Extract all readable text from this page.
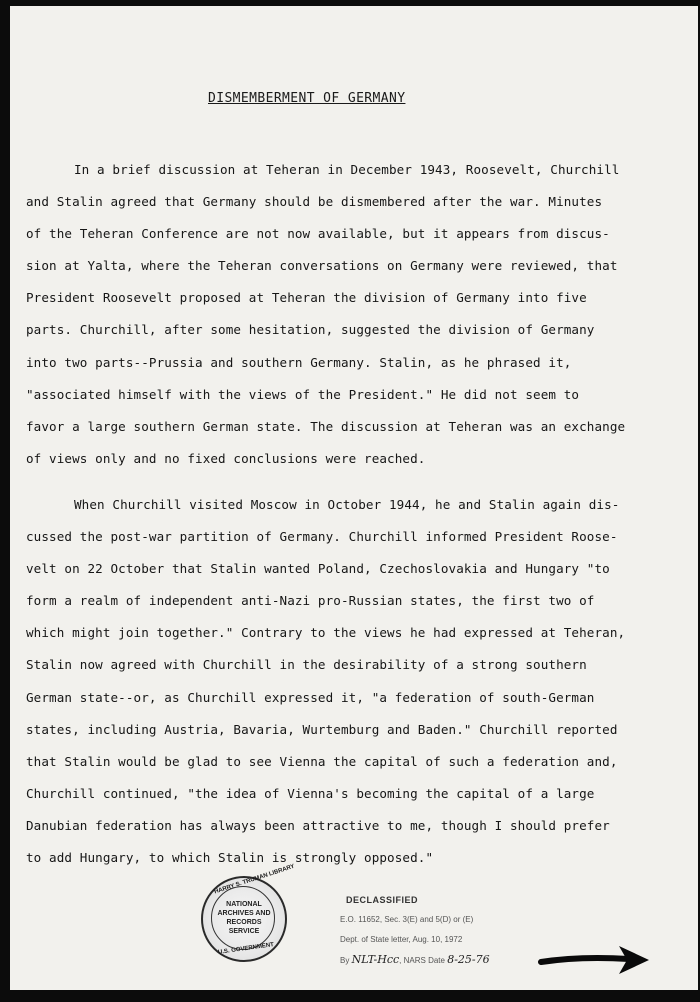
DISMEMBERMENT OF GERMANY
In a brief discussion at Teheran in December 1943, Roosevelt, Churchill
and Stalin agreed that Germany should be dismembered after the war. Minutes
of the Teheran Conference are not now available, but it appears from discus-
sion at Yalta, where the Teheran conversations on Germany were reviewed, that
President Roosevelt proposed at Teheran the division of Germany into five
parts. Churchill, after some hesitation, suggested the division of Germany
into two parts--Prussia and southern Germany. Stalin, as he phrased it,
"associated himself with the views of the President." He did not seem to
favor a large southern German state. The discussion at Teheran was an exchange
of views only and no fixed conclusions were reached.
When Churchill visited Moscow in October 1944, he and Stalin again dis-
cussed the post-war partition of Germany. Churchill informed President Roose-
velt on 22 October that Stalin wanted Poland, Czechoslovakia and Hungary "to
form a realm of independent anti-Nazi pro-Russian states, the first two of
which might join together." Contrary to the views he had expressed at Teheran,
Stalin now agreed with Churchill in the desirability of a strong southern
German state--or, as Churchill expressed it, "a federation of south-German
states, including Austria, Bavaria, Wurtemburg and Baden." Churchill reported
that Stalin would be glad to see Vienna the capital of such a federation and,
Churchill continued, "the idea of Vienna's becoming the capital of a large
Danubian federation has always been attractive to me, though I should prefer
to add Hungary, to which Stalin is strongly opposed."
HARRY S. TRUMAN LIBRARY
NATIONAL
ARCHIVES AND
RECORDS
SERVICE
U.S. GOVERNMENT
DECLASSIFIED
E.O. 11652, Sec. 3(E) and 5(D) or (E)
Dept. of State letter, Aug. 10, 1972
By NLT-Hcc, NARS Date 8-25-76
